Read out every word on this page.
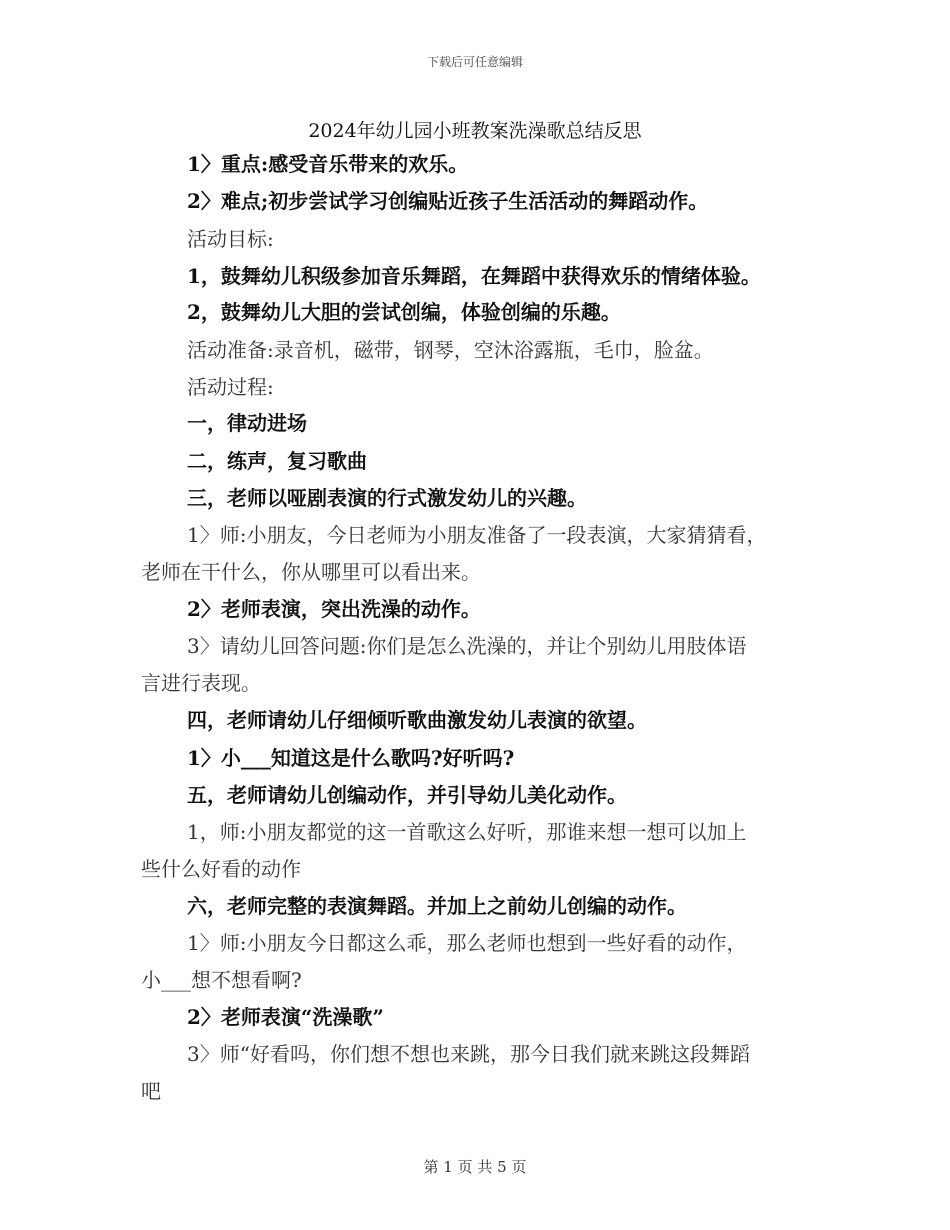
下载后可任意编辑
2024年幼儿园小班教案洗澡歌总结反思
1〉重点:感受音乐带来的欢乐。
2〉难点;初步尝试学习创编贴近孩子生活活动的舞蹈动作。
活动目标:
1，鼓舞幼儿积级参加音乐舞蹈，在舞蹈中获得欢乐的情绪体验。
2，鼓舞幼儿大胆的尝试创编，体验创编的乐趣。
活动准备:录音机，磁带，钢琴，空沐浴露瓶，毛巾，脸盆。
活动过程:
一，律动进场
二，练声，复习歌曲
三，老师以哑剧表演的行式激发幼儿的兴趣。
1〉师:小朋友，今日老师为小朋友准备了一段表演，大家猜猜看，
老师在干什么，你从哪里可以看出来。
2〉老师表演，突出洗澡的动作。
3〉请幼儿回答问题:你们是怎么洗澡的，并让个别幼儿用肢体语
言进行表现。
四，老师请幼儿仔细倾听歌曲激发幼儿表演的欲望。
1〉小___知道这是什么歌吗?好听吗?
五，老师请幼儿创编动作，并引导幼儿美化动作。
1，师:小朋友都觉的这一首歌这么好听，那谁来想一想可以加上
些什么好看的动作
六，老师完整的表演舞蹈。并加上之前幼儿创编的动作。
1〉师:小朋友今日都这么乖，那么老师也想到一些好看的动作，
小___想不想看啊?
2〉老师表演“洗澡歌”
3〉师“好看吗，你们想不想也来跳，那今日我们就来跳这段舞蹈
吧
第 1 页 共 5 页
